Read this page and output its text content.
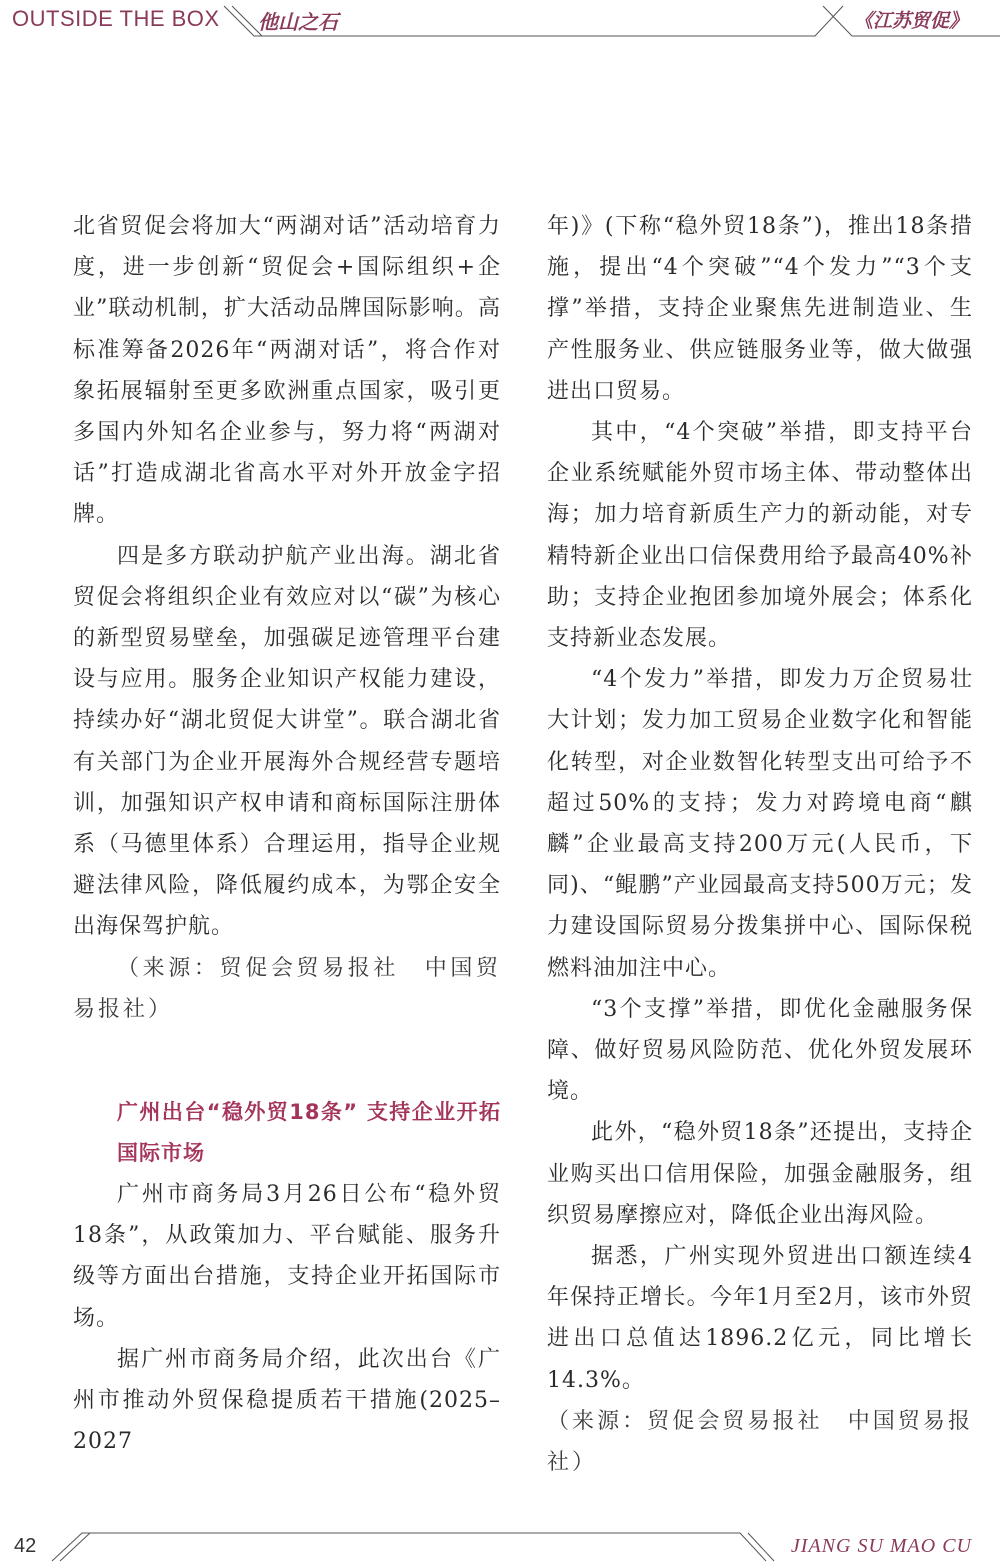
OUTSIDE THE BOX 他山之石	《江苏贸促》

北省贸促会将加大“两湖对话”活动培育力度，进一步创新“贸促会+国际组织+企业”联动机制，扩大活动品牌国际影响。高标准筹备2026年“两湖对话”，将合作对象拓展辐射至更多欧洲重点国家，吸引更多国内外知名企业参与，努力将“两湖对话”打造成湖北省高水平对外开放金字招牌。

四是多方联动护航产业出海。湖北省贸促会将组织企业有效应对以“碳”为核心的新型贸易壁垒，加强碳足迹管理平台建设与应用。服务企业知识产权能力建设，持续办好“湖北贸促大讲堂”。联合湖北省有关部门为企业开展海外合规经营专题培训，加强知识产权申请和商标国际注册体系（马德里体系）合理运用，指导企业规避法律风险，降低履约成本，为鄂企安全出海保驾护航。

（来源：贸促会贸易报社　中国贸易报社）

广州出台“稳外贸18条” 支持企业开拓国际市场

广州市商务局3月26日公布“稳外贸18条”，从政策加力、平台赋能、服务升级等方面出台措施，支持企业开拓国际市场。

据广州市商务局介绍，此次出台《广州市推动外贸保稳提质若干措施(2025–2027

年)》(下称“稳外贸18条”)，推出18条措施，提出“4个突破”“4个发力”“3个支撑”举措，支持企业聚焦先进制造业、生产性服务业、供应链服务业等，做大做强进出口贸易。

其中，“4个突破”举措，即支持平台企业系统赋能外贸市场主体、带动整体出海；加力培育新质生产力的新动能，对专精特新企业出口信保费用给予最高40%补助；支持企业抱团参加境外展会；体系化支持新业态发展。

“4个发力”举措，即发力万企贸易壮大计划；发力加工贸易企业数字化和智能化转型，对企业数智化转型支出可给予不超过50%的支持；发力对跨境电商“麒麟”企业最高支持200万元(人民币，下同)、“鲲鹏”产业园最高支持500万元；发力建设国际贸易分拨集拼中心、国际保税燃料油加注中心。

“3个支撑”举措，即优化金融服务保障、做好贸易风险防范、优化外贸发展环境。

此外，“稳外贸18条”还提出，支持企业购买出口信用保险，加强金融服务，组织贸易摩擦应对，降低企业出海风险。

据悉，广州实现外贸进出口额连续4年保持正增长。今年1月至2月，该市外贸进出口总值达1896.2亿元，同比增长14.3%。

（来源：贸促会贸易报社　中国贸易报社）

42	JIANG SU MAO CU
